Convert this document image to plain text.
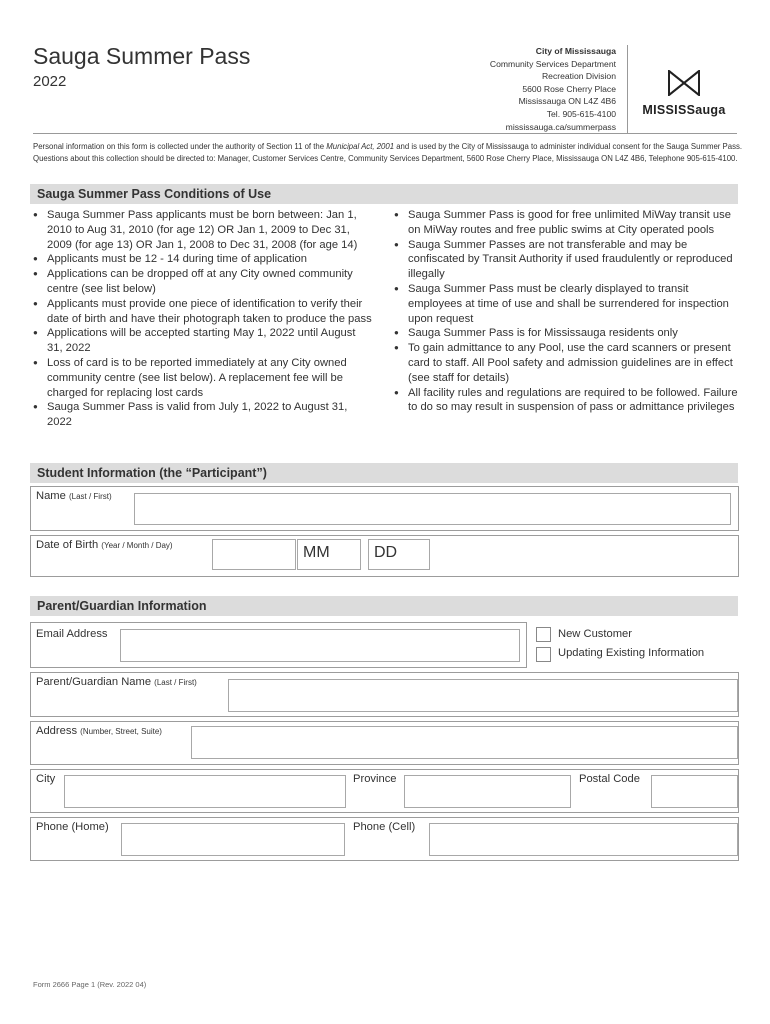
Sauga Summer Pass
2022
City of Mississauga
Community Services Department
Recreation Division
5600 Rose Cherry Place
Mississauga ON L4Z 4B6
Tel. 905-615-4100
mississauga.ca/summerpass
MISSISSauga
Personal information on this form is collected under the authority of Section 11 of the Municipal Act, 2001 and is used by the City of Mississauga to administer individual consent for the Sauga Summer Pass. Questions about this collection should be directed to: Manager, Customer Services Centre, Community Services Department, 5600 Rose Cherry Place, Mississauga ON L4Z 4B6, Telephone 905-615-4100.
Sauga Summer Pass Conditions of Use
● Sauga Summer Pass applicants must be born between: Jan 1, 2010 to Aug 31, 2010 (for age 12) OR Jan 1, 2009 to Dec 31, 2009 (for age 13) OR Jan 1, 2008 to Dec 31, 2008 (for age 14)
● Applicants must be 12 - 14 during time of application
● Applications can be dropped off at any City owned community centre (see list below)
● Applicants must provide one piece of identification to verify their date of birth and have their photograph taken to produce the pass
● Applications will be accepted starting May 1, 2022 until August 31, 2022
● Loss of card is to be reported immediately at any City owned community centre (see list below). A replacement fee will be charged for replacing lost cards
● Sauga Summer Pass is valid from July 1, 2022 to August 31, 2022
● Sauga Summer Pass is good for free unlimited MiWay transit use on MiWay routes and free public swims at City operated pools
● Sauga Summer Passes are not transferable and may be confiscated by Transit Authority if used fraudulently or reproduced illegally
● Sauga Summer Pass must be clearly displayed to transit employees at time of use and shall be surrendered for inspection upon request
● Sauga Summer Pass is for Mississauga residents only
● To gain admittance to any Pool, use the card scanners or present card to staff. All Pool safety and admission guidelines are in effect (see staff for details)
● All facility rules and regulations are required to be followed. Failure to do so may result in suspension of pass or admittance privileges
Student Information (the “Participant”)
Name (Last / First)
Date of Birth (Year / Month / Day)	MM	DD
Parent/Guardian Information
Email Address	New Customer
Updating Existing Information
Parent/Guardian Name (Last / First)
Address (Number, Street, Suite)
City	Province	Postal Code
Phone (Home)	Phone (Cell)
Form 2666 Page 1 (Rev. 2022 04)
